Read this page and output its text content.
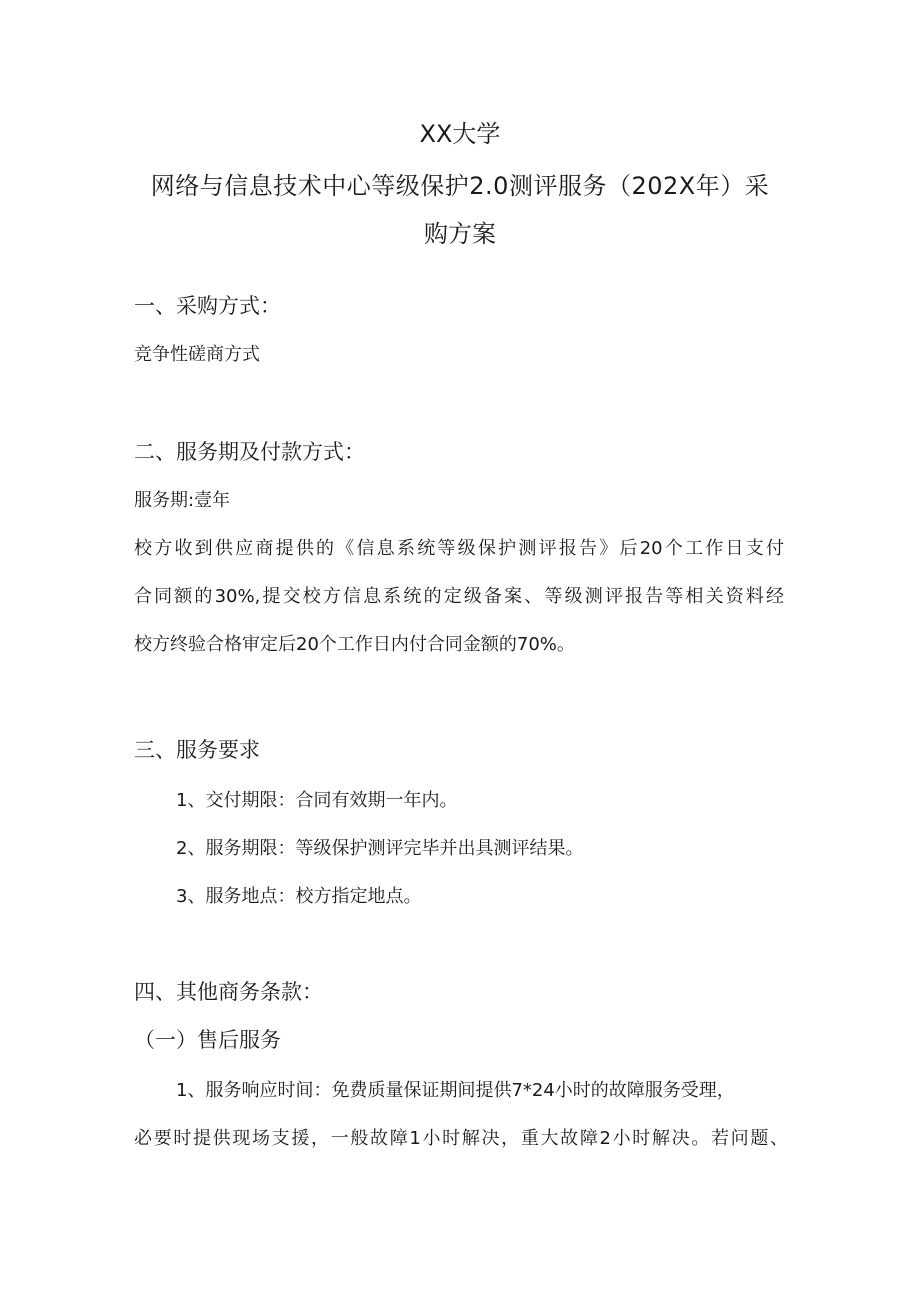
XX大学
网络与信息技术中心等级保护2.0测评服务（202X年）采
购方案
一、采购方式：
竞争性磋商方式
二、服务期及付款方式：
服务期:壹年
校方收到供应商提供的《信息系统等级保护测评报告》后20个工作日支付
合同额的30%,提交校方信息系统的定级备案、等级测评报告等相关资料经
校方终验合格审定后20个工作日内付合同金额的70%。
三、服务要求
1、交付期限：合同有效期一年内。
2、服务期限：等级保护测评完毕并出具测评结果。
3、服务地点：校方指定地点。
四、其他商务条款：
（一）售后服务
1、服务响应时间：免费质量保证期间提供7*24小时的故障服务受理，
必要时提供现场支援，一般故障1小时解决，重大故障2小时解决。若问题、
